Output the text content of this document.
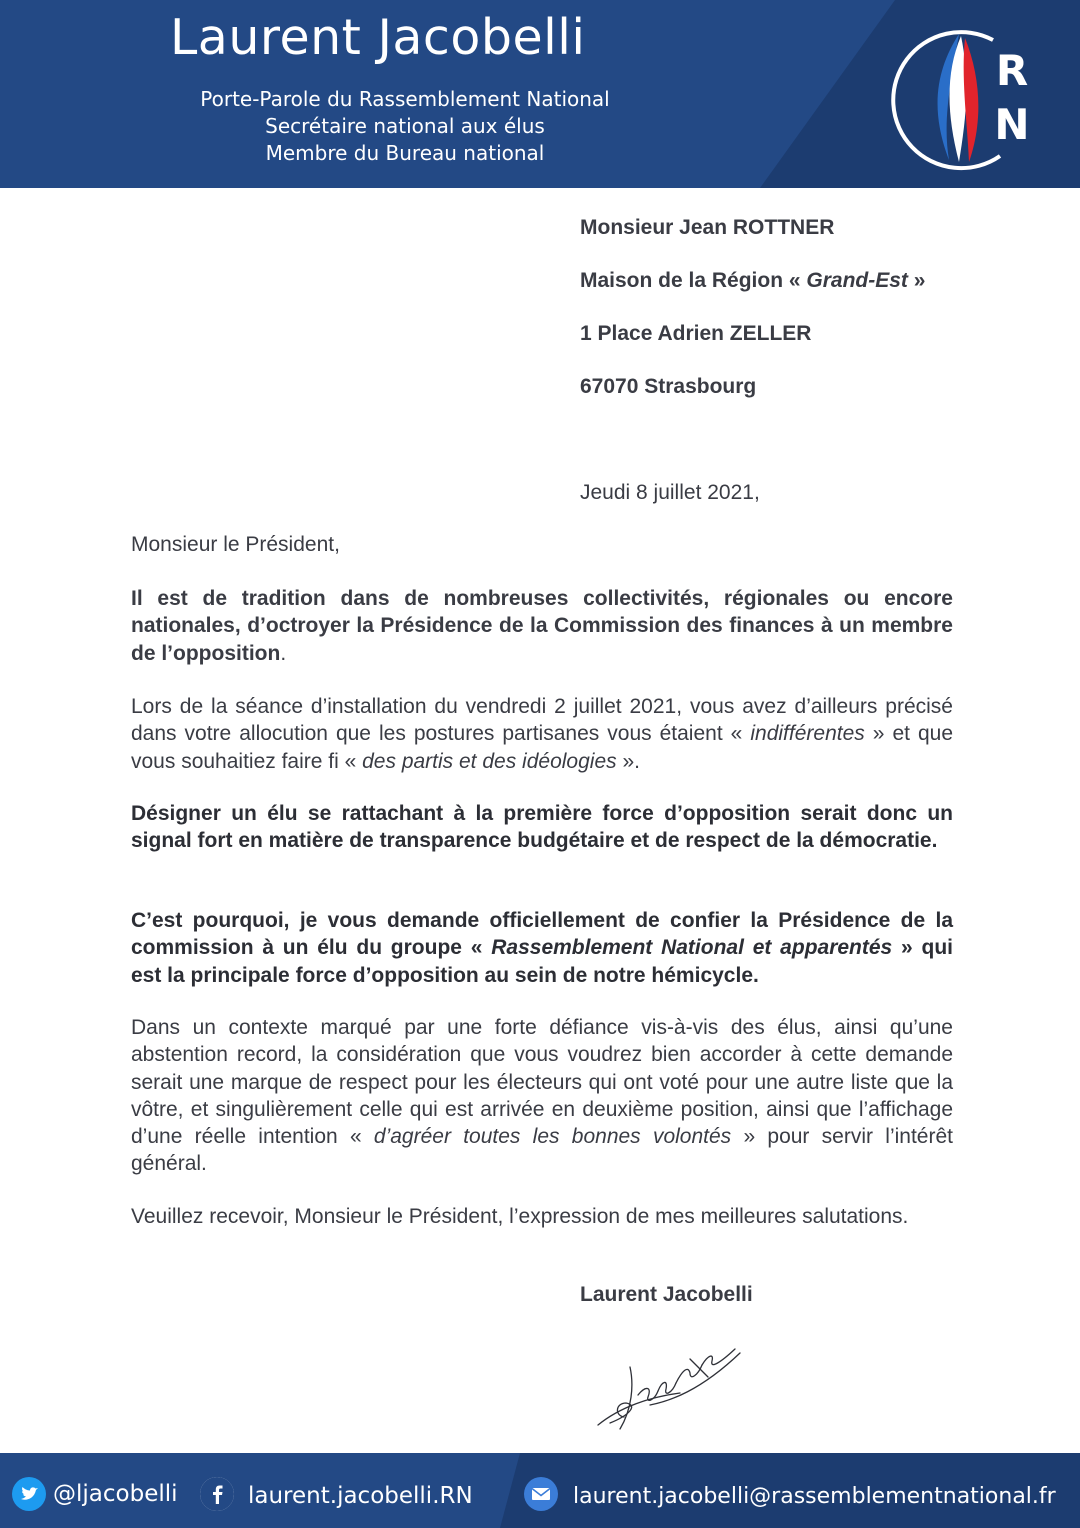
Laurent Jacobelli
Porte-Parole du Rassemblement National
Secrétaire national aux élus
Membre du Bureau national
R
N
Monsieur Jean ROTTNER
Maison de la Région « Grand-Est »
1 Place Adrien ZELLER
67070 Strasbourg
Jeudi 8 juillet 2021,
Monsieur le Président,
Il est de tradition dans de nombreuses collectivités, régionales ou encore nationales, d’octroyer la Présidence de la Commission des finances à un membre de l’opposition.
Lors de la séance d’installation du vendredi 2 juillet 2021, vous avez d’ailleurs précisé dans votre allocution que les postures partisanes vous étaient « indifférentes » et que vous souhaitiez faire fi « des partis et des idéologies ».
Désigner un élu se rattachant à la première force d’opposition serait donc un signal fort en matière de transparence budgétaire et de respect de la démocratie.
C’est pourquoi, je vous demande officiellement de confier la Présidence de la commission à un élu du groupe « Rassemblement National et apparentés » qui est la principale force d’opposition au sein de notre hémicycle.
Dans un contexte marqué par une forte défiance vis-à-vis des élus, ainsi qu’une abstention record, la considération que vous voudrez bien accorder à cette demande serait une marque de respect pour les électeurs qui ont voté pour une autre liste que la vôtre, et singulièrement celle qui est arrivée en deuxième position, ainsi que l’affichage d’une réelle intention « d’agréer toutes les bonnes volontés » pour servir l’intérêt général.
Veuillez recevoir, Monsieur le Président, l’expression de mes meilleures salutations.
Laurent Jacobelli
@ljacobelli	laurent.jacobelli.RN	laurent.jacobelli@rassemblementnational.fr
